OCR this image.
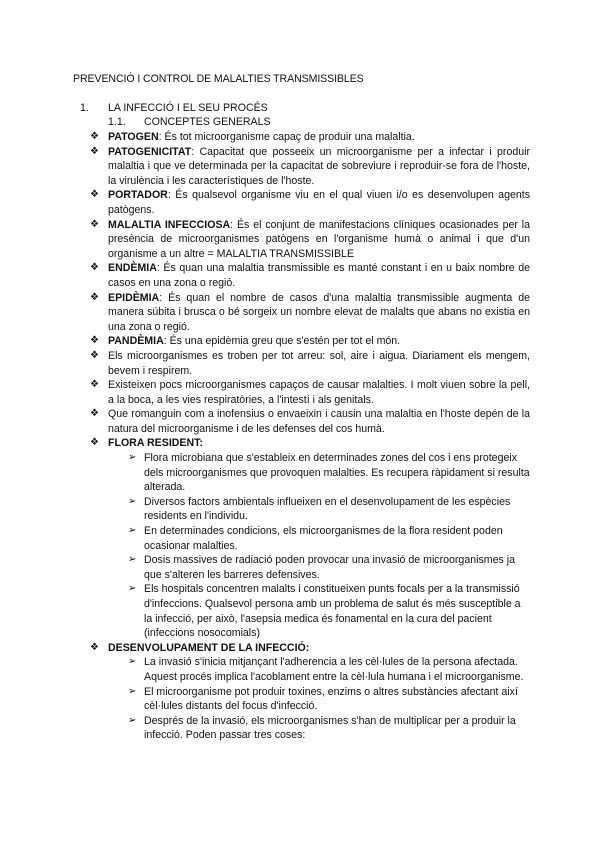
PREVENCIÓ I CONTROL DE MALALTIES TRANSMISSIBLES
1. LA INFECCIÓ I EL SEU PROCÉS
1.1. CONCEPTES GENERALS
❖ PATOGEN: És tot microorganisme capaç de produir una malaltia.
❖ PATOGENICITAT: Capacitat que posseeix un microorganisme per a infectar i produir malaltia i que ve determinada per la capacitat de sobreviure i reproduir-se fora de l'hoste, la virulència i les característiques de l'hoste.
❖ PORTADOR: És qualsevol organisme viu en el qual viuen i/o es desenvolupen agents patògens.
❖ MALALTIA INFECCIOSA: És el conjunt de manifestacions clíniques ocasionades per la presència de microorganismes patògens en l'organisme humà o animal i que d'un organisme a un altre = MALALTIA TRANSMISSIBLE
❖ ENDÈMIA: És quan una malaltia transmissible es manté constant i en u baix nombre de casos en una zona o regió.
❖ EPIDÈMIA: És quan el nombre de casos d'una malaltia transmissible augmenta de manera súbita i brusca o bé sorgeix un nombre elevat de malalts que abans no existia en una zona o regió.
❖ PANDÈMIA: És una epidèmia greu que s'estén per tot el món.
❖ Els microorganismes es troben per tot arreu: sol, aire i aigua. Diariament els mengem, bevem i respirem.
❖ Existeixen pocs microorganismes capaços de causar malalties. I molt viuen sobre la pell, a la boca, a les vies respiratòries, a l'intestí i als genitals.
❖ Que romanguin com a inofensius o envaeixin i causin una malaltia en l'hoste depén de la natura del microorganisme i de les defenses del cos humà.
❖ FLORA RESIDENT:
➢ Flora microbiana que s'estableix en determinades zones del cos i ens protegeix dels microorganismes que provoquen malalties. Es recupera ràpidament si resulta alterada.
➢ Diversos factors ambientals influeixen en el desenvolupament de les espècies residents en l'individu.
➢ En determinades condicions, els microorganismes de la flora resident poden ocasionar malalties.
➢ Dosis massives de radiació poden provocar una invasió de microorganismes ja que s'alteren les barreres defensives.
➢ Els hospitals concentren malalts i constitueixen punts focals per a la transmissió d'infeccions. Qualsevol persona amb un problema de salut és més susceptible a la infecció, per això, l'asepsia medica és fonamental en la cura del pacient (infeccions nosocomials)
❖ DESENVOLUPAMENT DE LA INFECCIÓ:
➢ La invasió s'inicia mitjançant l'adherencia a les cèl·lules de la persona afectada. Aquest procés implica l'acoblament entre la cèl·lula humana i el microorganisme.
➢ El microorganisme pot produir toxines, enzims o altres substàncies afectant així cèl·lules distants del focus d'infecció.
➢ Després de la invasió, els microorganismes s'han de multiplicar per a produir la infecció. Poden passar tres coses:
